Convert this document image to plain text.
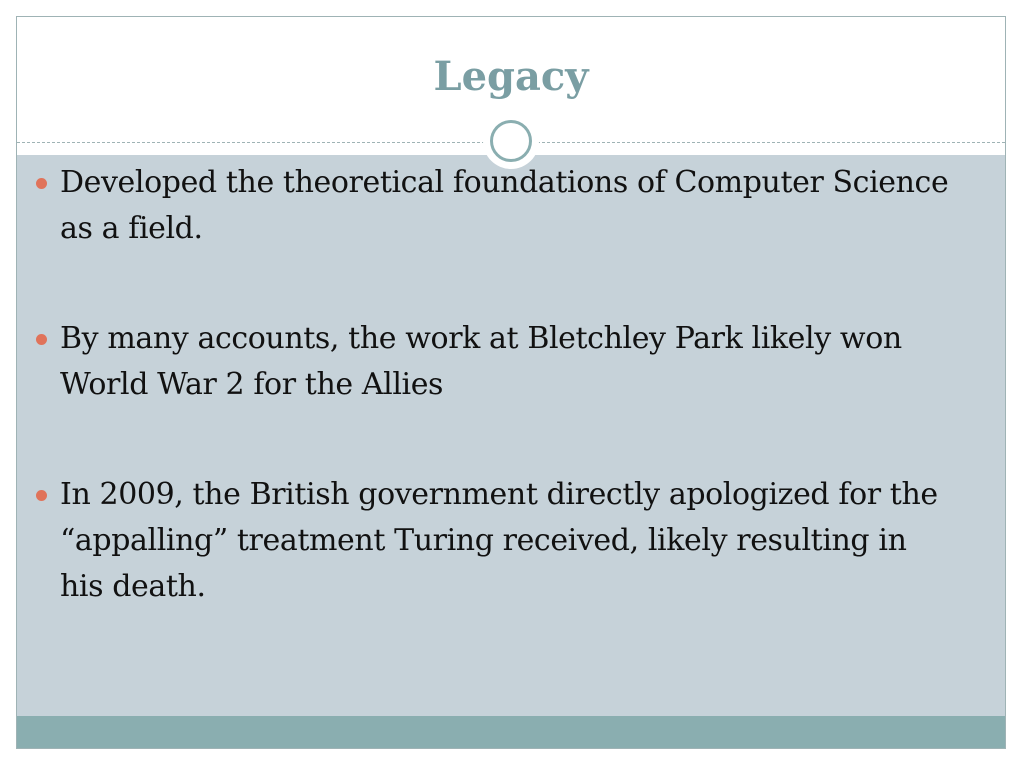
Legacy
Developed the theoretical foundations of Computer Science as a field.
By many accounts, the work at Bletchley Park likely won World War 2 for the Allies
In 2009, the British government directly apologized for the “appalling” treatment Turing received, likely resulting in his death.
